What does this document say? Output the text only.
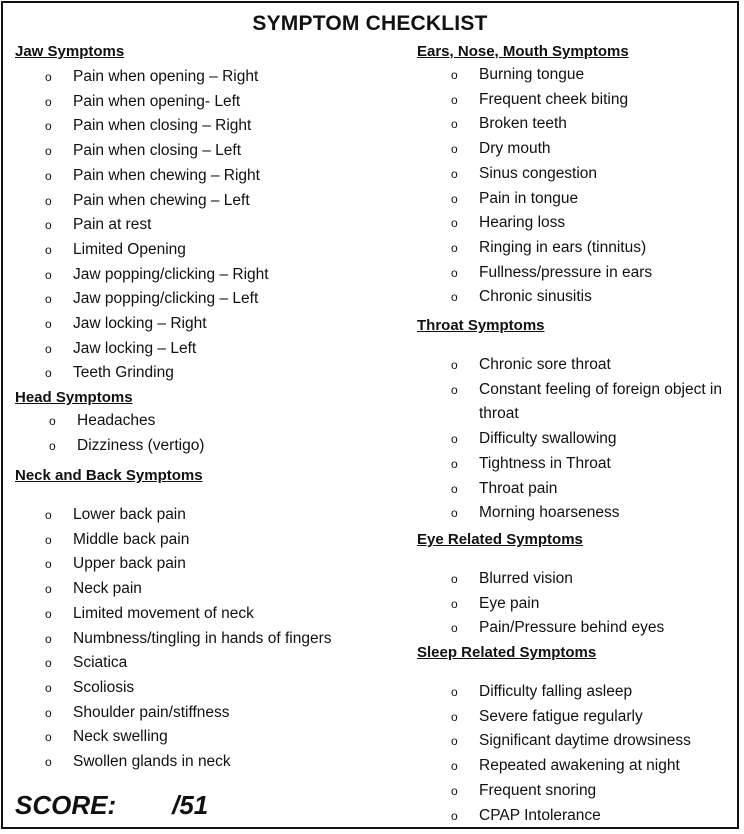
SYMPTOM CHECKLIST
Jaw Symptoms
o Pain when opening – Right
o Pain when opening- Left
o Pain when closing – Right
o Pain when closing – Left
o Pain when chewing – Right
o Pain when chewing – Left
o Pain at rest
o Limited Opening
o Jaw popping/clicking – Right
o Jaw popping/clicking – Left
o Jaw locking – Right
o Jaw locking – Left
o Teeth Grinding
Head Symptoms
o Headaches
o Dizziness (vertigo)
Neck and Back Symptoms
o Lower back pain
o Middle back pain
o Upper back pain
o Neck pain
o Limited movement of neck
o Numbness/tingling in hands of fingers
o Sciatica
o Scoliosis
o Shoulder pain/stiffness
o Neck swelling
o Swollen glands in neck
Ears, Nose, Mouth Symptoms
o Burning tongue
o Frequent cheek biting
o Broken teeth
o Dry mouth
o Sinus congestion
o Pain in tongue
o Hearing loss
o Ringing in ears (tinnitus)
o Fullness/pressure in ears
o Chronic sinusitis
Throat Symptoms
o Chronic sore throat
o Constant feeling of foreign object in throat
o Difficulty swallowing
o Tightness in Throat
o Throat pain
o Morning hoarseness
Eye Related Symptoms
o Blurred vision
o Eye pain
o Pain/Pressure behind eyes
Sleep Related Symptoms
o Difficulty falling asleep
o Severe fatigue regularly
o Significant daytime drowsiness
o Repeated awakening at night
o Frequent snoring
o CPAP Intolerance
SCORE: /51
